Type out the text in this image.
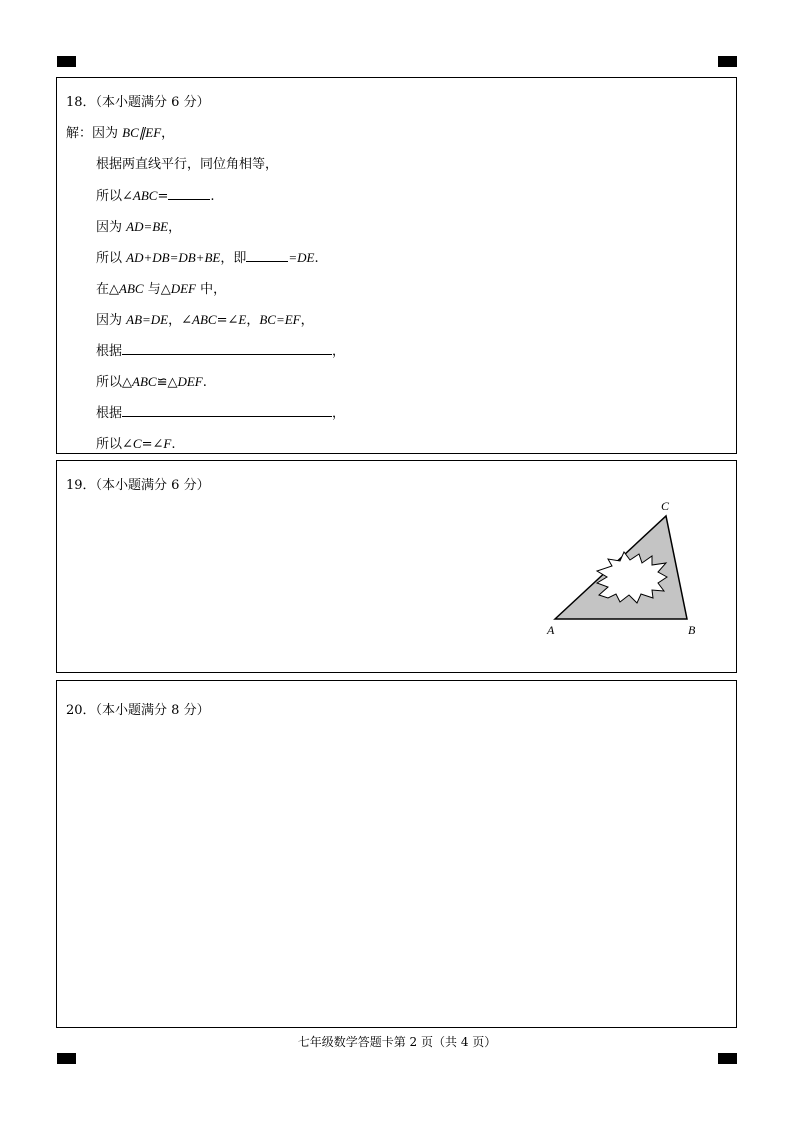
18．（本小题满分 6 分）
解：因为 BC∥EF，
根据两直线平行，同位角相等，
所以∠ABC=	.
因为 AD=BE，
所以 AD+DB=DB+BE，即	=DE.
在△ABC 与△DEF 中，
因为 AB=DE，∠ABC=∠E，BC=EF，
根据	，
所以△ABC≌△DEF.
根据	，
所以∠C=∠F.
19．（本小题满分 6 分）
A	B
C
20．（本小题满分 8 分）
七年级数学答题卡第 2 页（共 4 页）
